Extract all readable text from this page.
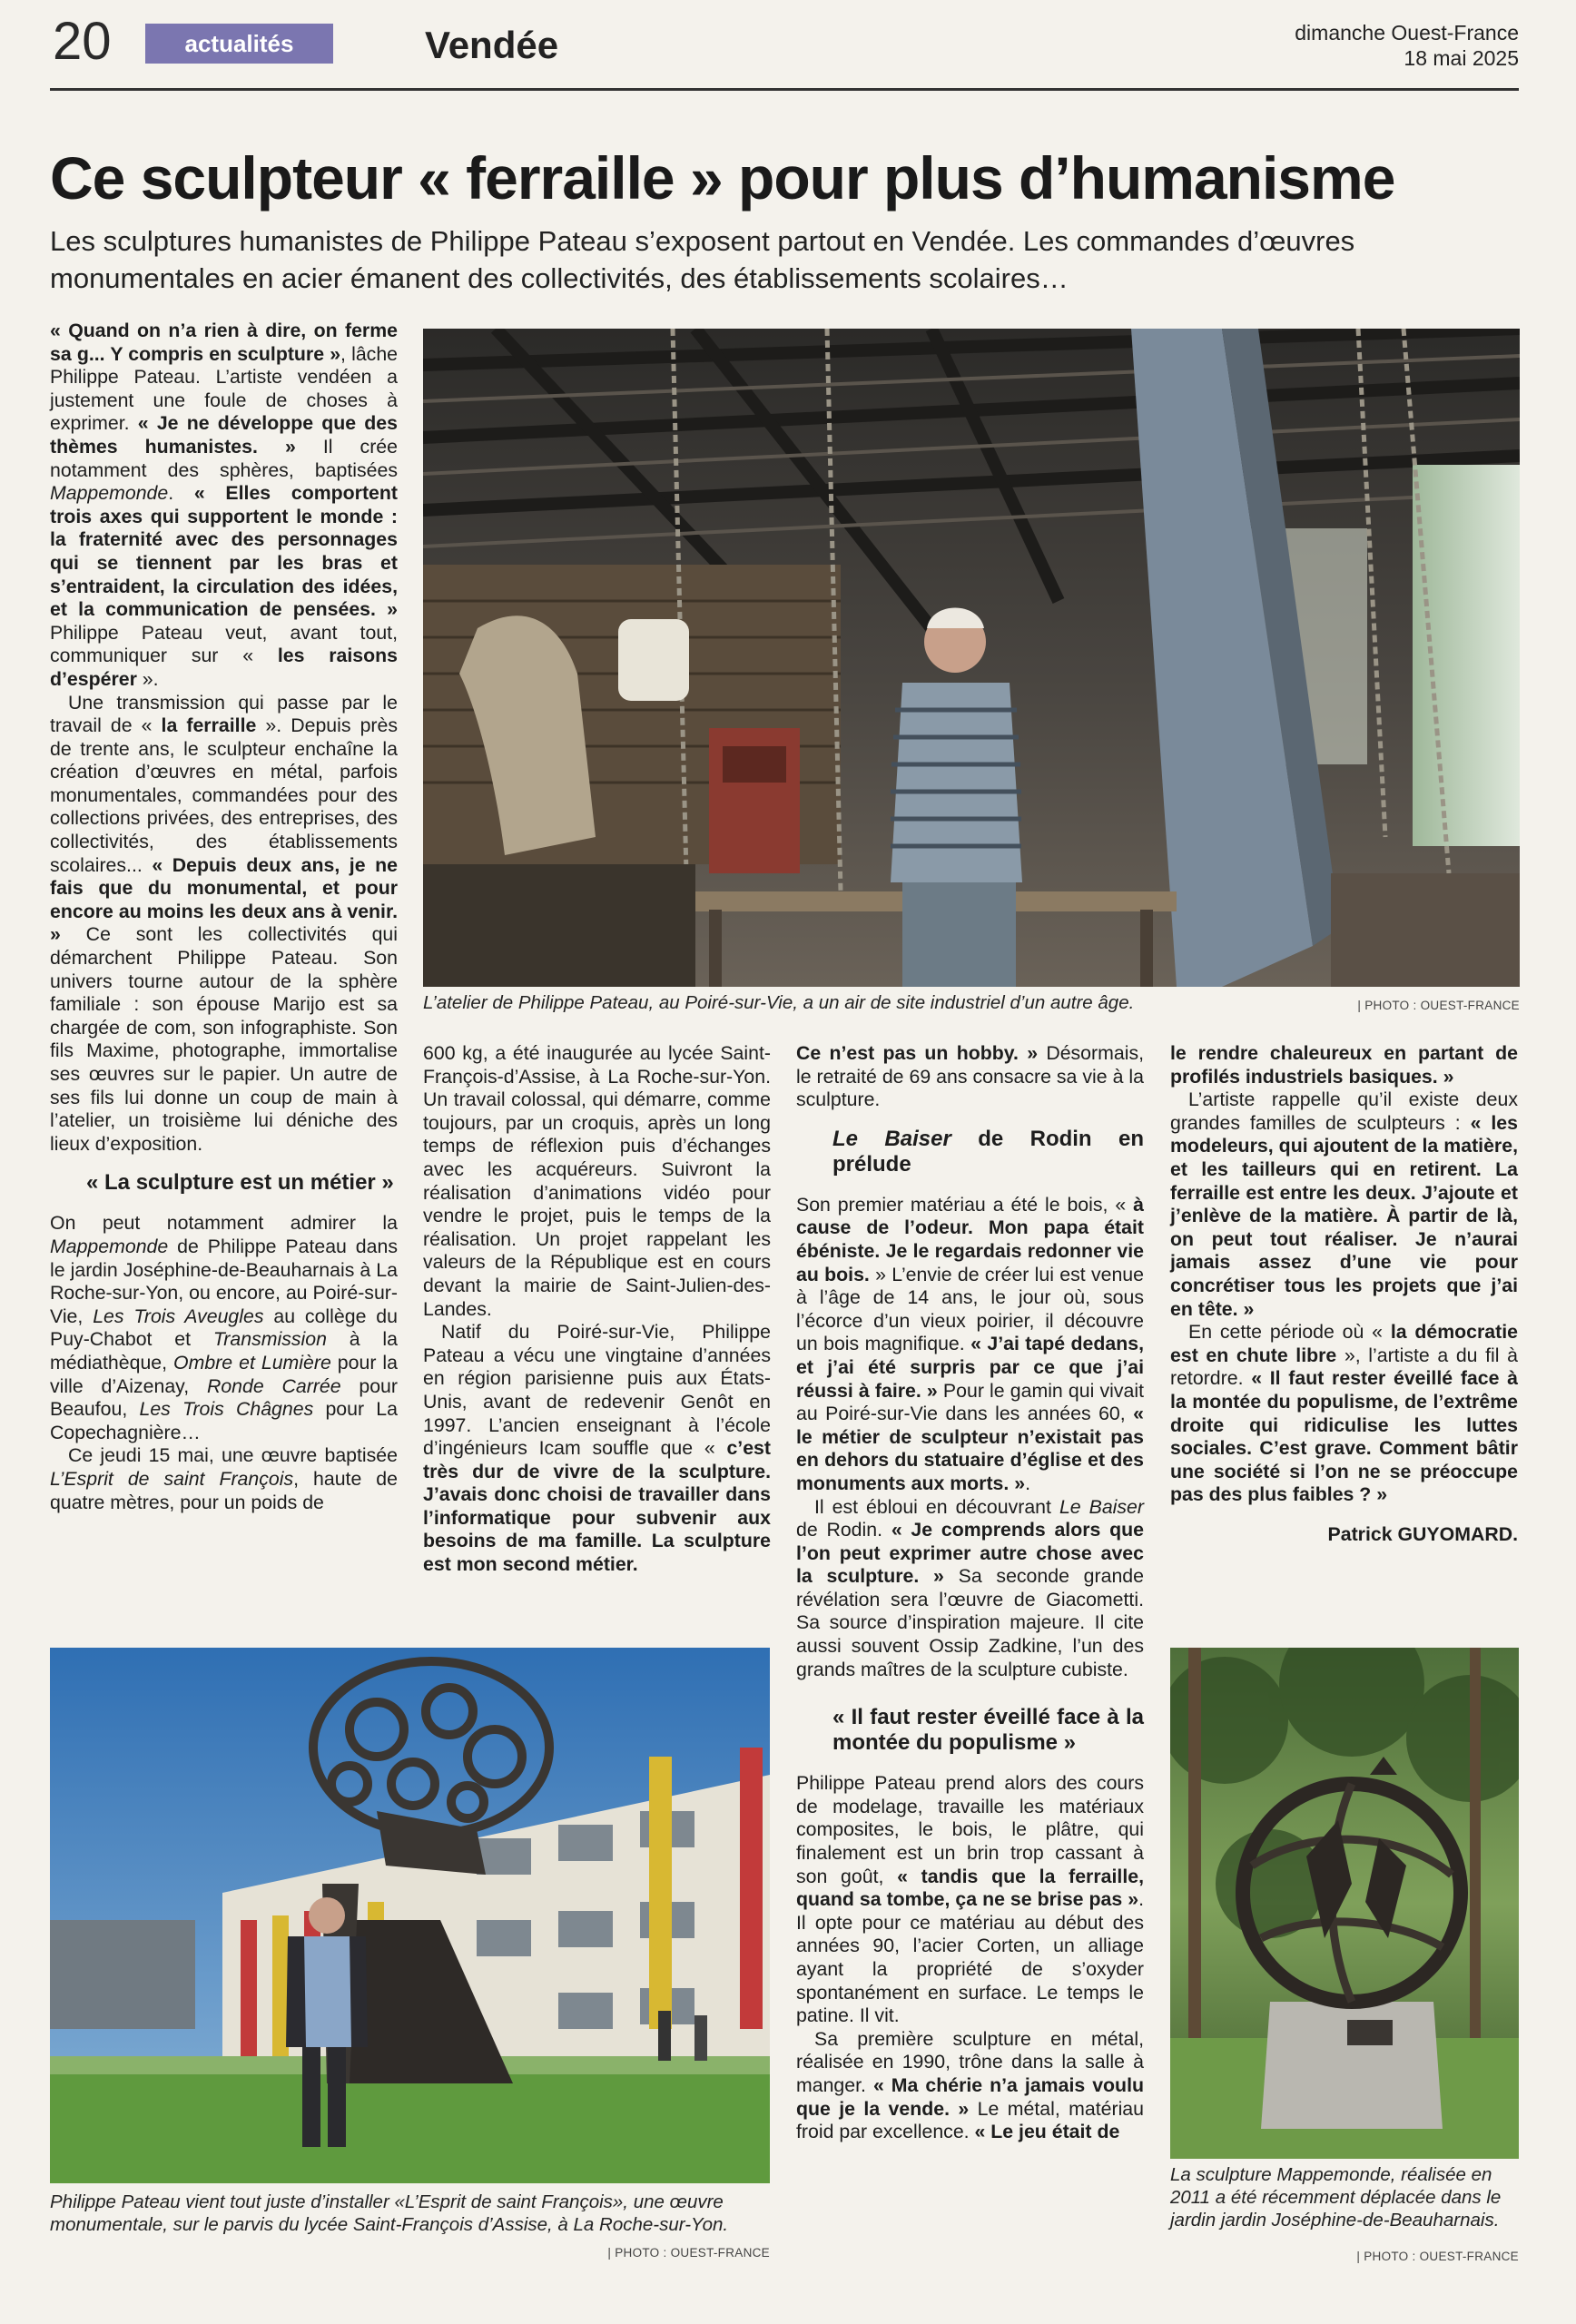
20	actualités	Vendée	dimanche Ouest-France
18 mai 2025
Ce sculpteur « ferraille » pour plus d’humanisme
Les sculptures humanistes de Philippe Pateau s’exposent partout en Vendée. Les commandes d’œuvres monumentales en acier émanent des collectivités, des établissements scolaires…
L’atelier de Philippe Pateau, au Poiré-sur-Vie, a un air de site industriel d’un autre âge.	| PHOTO : OUEST-FRANCE

« Quand on n’a rien à dire, on ferme sa g... Y compris en sculpture », lâche Philippe Pateau. L’artiste vendéen a justement une foule de choses à exprimer. « Je ne développe que des thèmes humanistes. » Il crée notamment des sphères, baptisées Mappemonde. « Elles comportent trois axes qui supportent le monde : la fraternité avec des personnages qui se tiennent par les bras et s’entraident, la circulation des idées, et la communication de pensées. » Philippe Pateau veut, avant tout, communiquer sur « les raisons d’espérer ».

Une transmission qui passe par le travail de « la ferraille ». Depuis près de trente ans, le sculpteur enchaîne la création d’œuvres en métal, parfois monumentales, commandées pour des collections privées, des entreprises, des collectivités, des établissements scolaires... « Depuis deux ans, je ne fais que du monumental, et pour encore au moins les deux ans à venir. » Ce sont les collectivités qui démarchent Philippe Pateau. Son univers tourne autour de la sphère familiale : son épouse Marijo est sa chargée de com, son infographiste. Son fils Maxime, photographe, immortalise ses œuvres sur le papier. Un autre de ses fils lui donne un coup de main à l’atelier, un troisième lui déniche des lieux d’exposition.

« La sculpture est un métier »

On peut notamment admirer la Mappemonde de Philippe Pateau dans le jardin Joséphine-de-Beauharnais à La Roche-sur-Yon, ou encore, au Poiré-sur-Vie, Les Trois Aveugles au collège du Puy-Chabot et Transmission à la médiathèque, Ombre et Lumière pour la ville d’Aizenay, Ronde Carrée pour Beaufou, Les Trois Châgnes pour La Copechagnière…

Ce jeudi 15 mai, une œuvre baptisée L’Esprit de saint François, haute de quatre mètres, pour un poids de

600 kg, a été inaugurée au lycée Saint-François-d’Assise, à La Roche-sur-Yon. Un travail colossal, qui démarre, comme toujours, par un croquis, après un long temps de réflexion puis d’échanges avec les acquéreurs. Suivront la réalisation d’animations vidéo pour vendre le projet, puis le temps de la réalisation. Un projet rappelant les valeurs de la République est en cours devant la mairie de Saint-Julien-des-Landes.

Natif du Poiré-sur-Vie, Philippe Pateau a vécu une vingtaine d’années en région parisienne puis aux États-Unis, avant de redevenir Genôt en 1997. L’ancien enseignant à l’école d’ingénieurs Icam souffle que « c’est très dur de vivre de la sculpture. J’avais donc choisi de travailler dans l’informatique pour subvenir aux besoins de ma famille. La sculpture est mon second métier.

Ce n’est pas un hobby. » Désormais, le retraité de 69 ans consacre sa vie à la sculpture.

Le Baiser de Rodin en prélude

Son premier matériau a été le bois, « à cause de l’odeur. Mon papa était ébéniste. Je le regardais redonner vie au bois. » L’envie de créer lui est venue à l’âge de 14 ans, le jour où, sous l’écorce d’un vieux poirier, il découvre un bois magnifique. « J’ai tapé dedans, et j’ai été surpris par ce que j’ai réussi à faire. » Pour le gamin qui vivait au Poiré-sur-Vie dans les années 60, « le métier de sculpteur n’existait pas en dehors du statuaire d’église et des monuments aux morts. ».

Il est ébloui en découvrant Le Baiser de Rodin. « Je comprends alors que l’on peut exprimer autre chose avec la sculpture. » Sa seconde grande révélation sera l’œuvre de Giacometti. Sa source d’inspiration majeure. Il cite aussi souvent Ossip Zadkine, l’un des grands maîtres de la sculpture cubiste.

« Il faut rester éveillé face à la montée du populisme »

Philippe Pateau prend alors des cours de modelage, travaille les matériaux composites, le bois, le plâtre, qui finalement est un brin trop cassant à son goût, « tandis que la ferraille, quand sa tombe, ça ne se brise pas ». Il opte pour ce matériau au début des années 90, l’acier Corten, un alliage ayant la propriété de s’oxyder spontanément en surface. Le temps le patine. Il vit.

Sa première sculpture en métal, réalisée en 1990, trône dans la salle à manger. « Ma chérie n’a jamais voulu que je la vende. » Le métal, matériau froid par excellence. « Le jeu était de

le rendre chaleureux en partant de profilés industriels basiques. »

L’artiste rappelle qu’il existe deux grandes familles de sculpteurs : « les modeleurs, qui ajoutent de la matière, et les tailleurs qui en retirent. La ferraille est entre les deux. J’ajoute et j’enlève de la matière. À partir de là, on peut tout réaliser. Je n’aurai jamais assez d’une vie pour concrétiser tous les projets que j’ai en tête. »

En cette période où « la démocratie est en chute libre », l’artiste a du fil à retordre. « Il faut rester éveillé face à la montée du populisme, de l’extrême droite qui ridiculise les luttes sociales. C’est grave. Comment bâtir une société si l’on ne se préoccupe pas des plus faibles ? »

Patrick GUYOMARD.
Philippe Pateau vient tout juste d’installer «L’Esprit de saint François», une œuvre monumentale, sur le parvis du lycée Saint-François d’Assise, à La Roche-sur-Yon.
| PHOTO : OUEST-FRANCE
La sculpture Mappemonde, réalisée en 2011 a été récemment déplacée dans le jardin jardin Joséphine-de-Beauharnais.
| PHOTO : OUEST-FRANCE
